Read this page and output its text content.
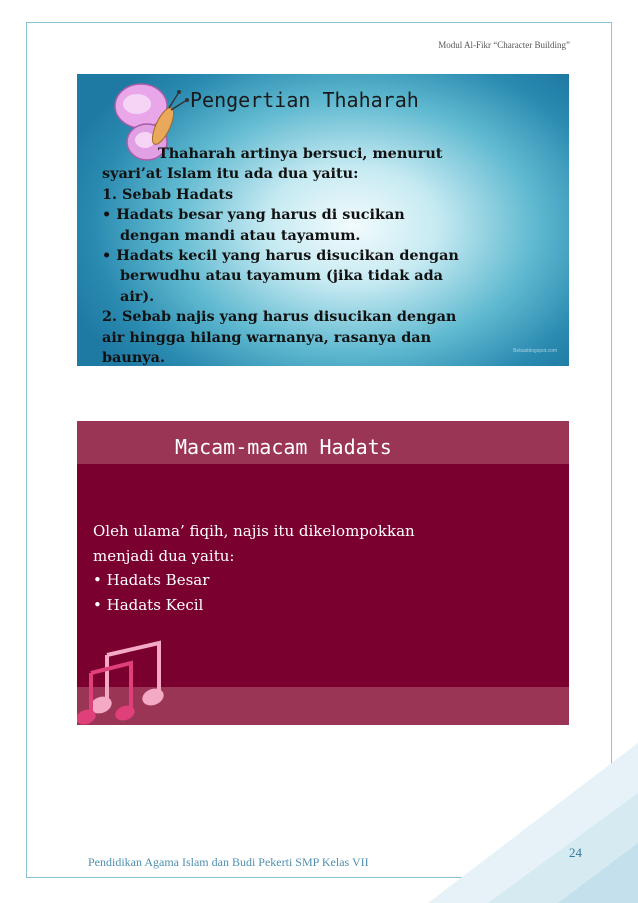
Modul Al-Fikr “Character Building”
Pengertian Thaharah
Thaharah artinya bersuci, menurut
syari’at Islam itu ada dua yaitu:
1. Sebab Hadats
• Hadats besar yang harus di sucikan
dengan mandi atau tayamum.
• Hadats kecil yang harus disucikan dengan
berwudhu atau tayamum (jika tidak ada
air).
2. Sebab najis yang harus disucikan dengan
air hingga hilang warnanya, rasanya dan
baunya.	Bebasblogspot.com
Macam-macam Hadats
Oleh ulama’ fiqih, najis itu dikelompokkan
menjadi dua yaitu:
• Hadats Besar
• Hadats Kecil
Pendidikan Agama Islam dan Budi Pekerti SMP Kelas VII
24
